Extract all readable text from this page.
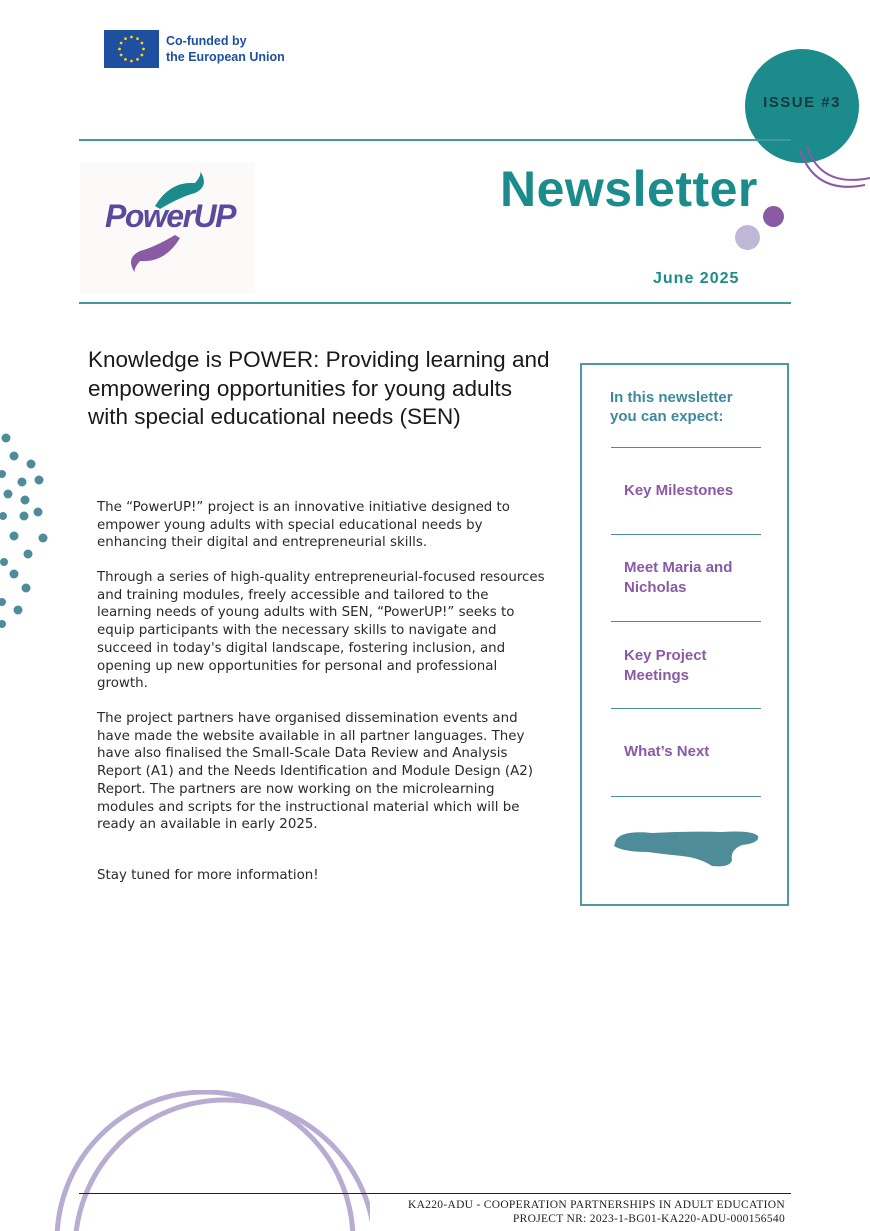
Co-funded by
the European Union
ISSUE #3
PowerUP	Newsletter
June 2025
Knowledge is POWER: Providing learning and empowering opportunities for young adults with special educational needs (SEN)
The “PowerUP!” project is an innovative initiative designed to empower young adults with special educational needs by enhancing their digital and entrepreneurial skills.
Through a series of high-quality entrepreneurial-focused resources and training modules, freely accessible and tailored to the learning needs of young adults with SEN, “PowerUP!” seeks to equip participants with the necessary skills to navigate and succeed in today's digital landscape, fostering inclusion, and opening up new opportunities for personal and professional growth.
The project partners have organised dissemination events and have made the website available in all partner languages. They have also finalised the Small-Scale Data Review and Analysis Report (A1) and the Needs Identification and Module Design (A2) Report. The partners are now working on the microlearning modules and scripts for the instructional material which will be ready an available in early 2025.
Stay tuned for more information!
In this newsletter
you can expect:
Key Milestones
Meet Maria and Nicholas
Key Project Meetings
What’s Next
KA220-ADU - COOPERATION PARTNERSHIPS IN ADULT EDUCATION
PROJECT NR: 2023-1-BG01-KA220-ADU-000156540
